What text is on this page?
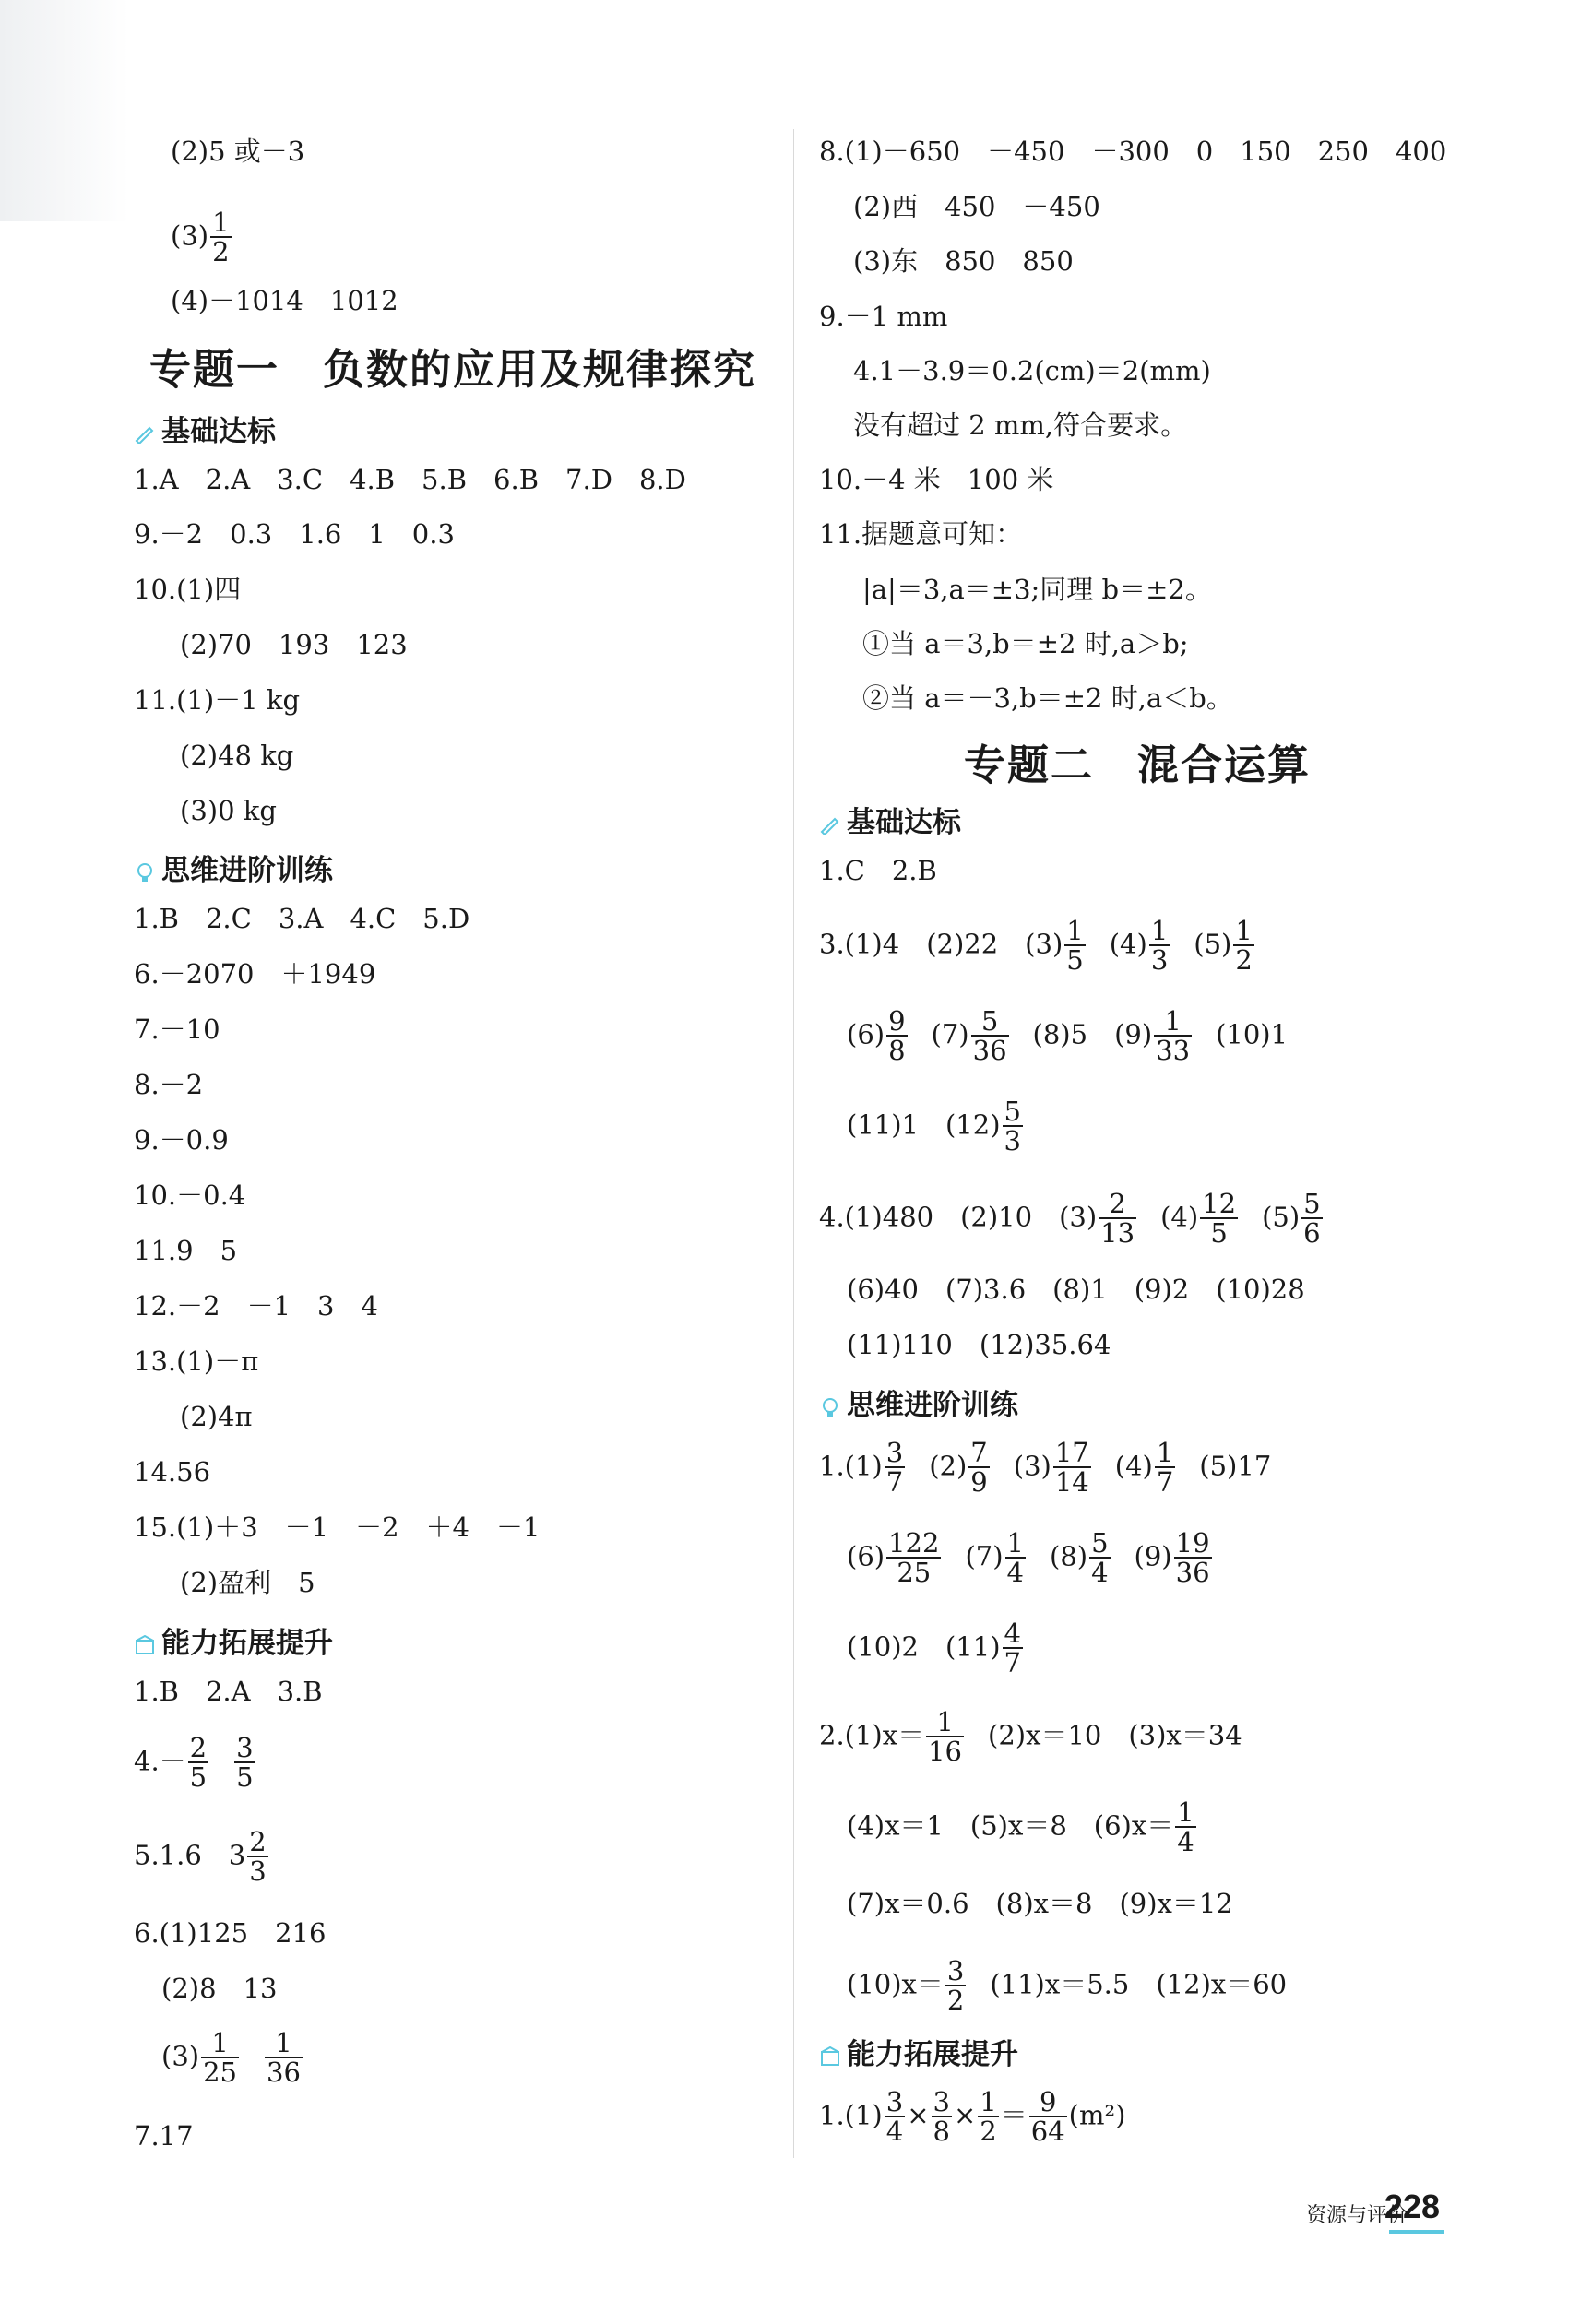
(2)5 或－3
$(3) \frac{1}{2}$
(4)－1014　1012
专题一　负数的应用及规律探究
基础达标
1.A　2.A　3.C　4.B　5.B　6.B　7.D　8.D
9.－2　0.3　1.6　1　0.3
10.(1)四
(2)70　193　123
11.(1)－1 kg
(2)48 kg
(3)0 kg
思维进阶训练
1.B　2.C　3.A　4.C　5.D
6.－2070　＋1949
7.－10
8.－2
9.－0.9
10.－0.4
11.9　5
12.－2　－1　3　4
13.(1)－π
(2)4π
14.56
15.(1)＋3　－1　－2　＋4　－1
(2)盈利　5
能力拓展提升
1.B　2.A　3.B
$4.- \frac{2}{5} \frac{3}{5}$
5.1.6　$3 \frac{2}{3}$
6.(1)125　216
(2)8　13
$(3) \frac{1}{25} \frac{1}{36}$
7.17
8.(1)－650　－450　－300　0　150　250　400
(2)西　450　－450
(3)东　850　850
9.－1 mm
4.1－3.9＝0.2(cm)＝2(mm)
没有超过 2 mm,符合要求。
10.－4 米　100 米
11.据题意可知：
|a|＝3,a＝±3;同理 b＝±2。
①当 a＝3,b＝±2 时,a＞b;
②当 a＝－3,b＝±2 时,a＜b。
专题二　混合运算
基础达标
1.C　2.B
3.(1)4　(2)22　$(3) \frac{1}{5} (4) \frac{1}{3} (5) \frac{1}{2}$
$(6) \frac{9}{8} (7) \frac{5}{36} (8)5$　$(9) \frac{1}{33} (10)1$
(11)1　$(12) \frac{5}{3}$
4.(1)480　(2)10　$(3) \frac{2}{13} (4) \frac{12}{5} (5) \frac{5}{6}$
(6)40　(7)3.6　(8)1　(9)2　(10)28
(11)110　(12)35.64
思维进阶训练
$1.(1) \frac{3}{7} (2) \frac{7}{9} (3) \frac{17}{14} (4) \frac{1}{7} (5)17$
$(6) \frac{122}{25} (7) \frac{1}{4} (8) \frac{5}{4} (9) \frac{19}{36}$
(10)2　$(11) \frac{4}{7}$
$2.(1)x= \frac{1}{16} (2)x=10$　(3)x＝34
(4)x＝1　(5)x＝8　$(6)x= \frac{1}{4}$
(7)x＝0.6　(8)x＝8　(9)x＝12
$(10)x= \frac{3}{2} (11)x=5.5$　(12)x＝60
能力拓展提升
$1.(1) \frac{3}{4} \times \frac{3}{8} \times \frac{1}{2} = \frac{9}{64} (m^2)$
资源与评价
228
